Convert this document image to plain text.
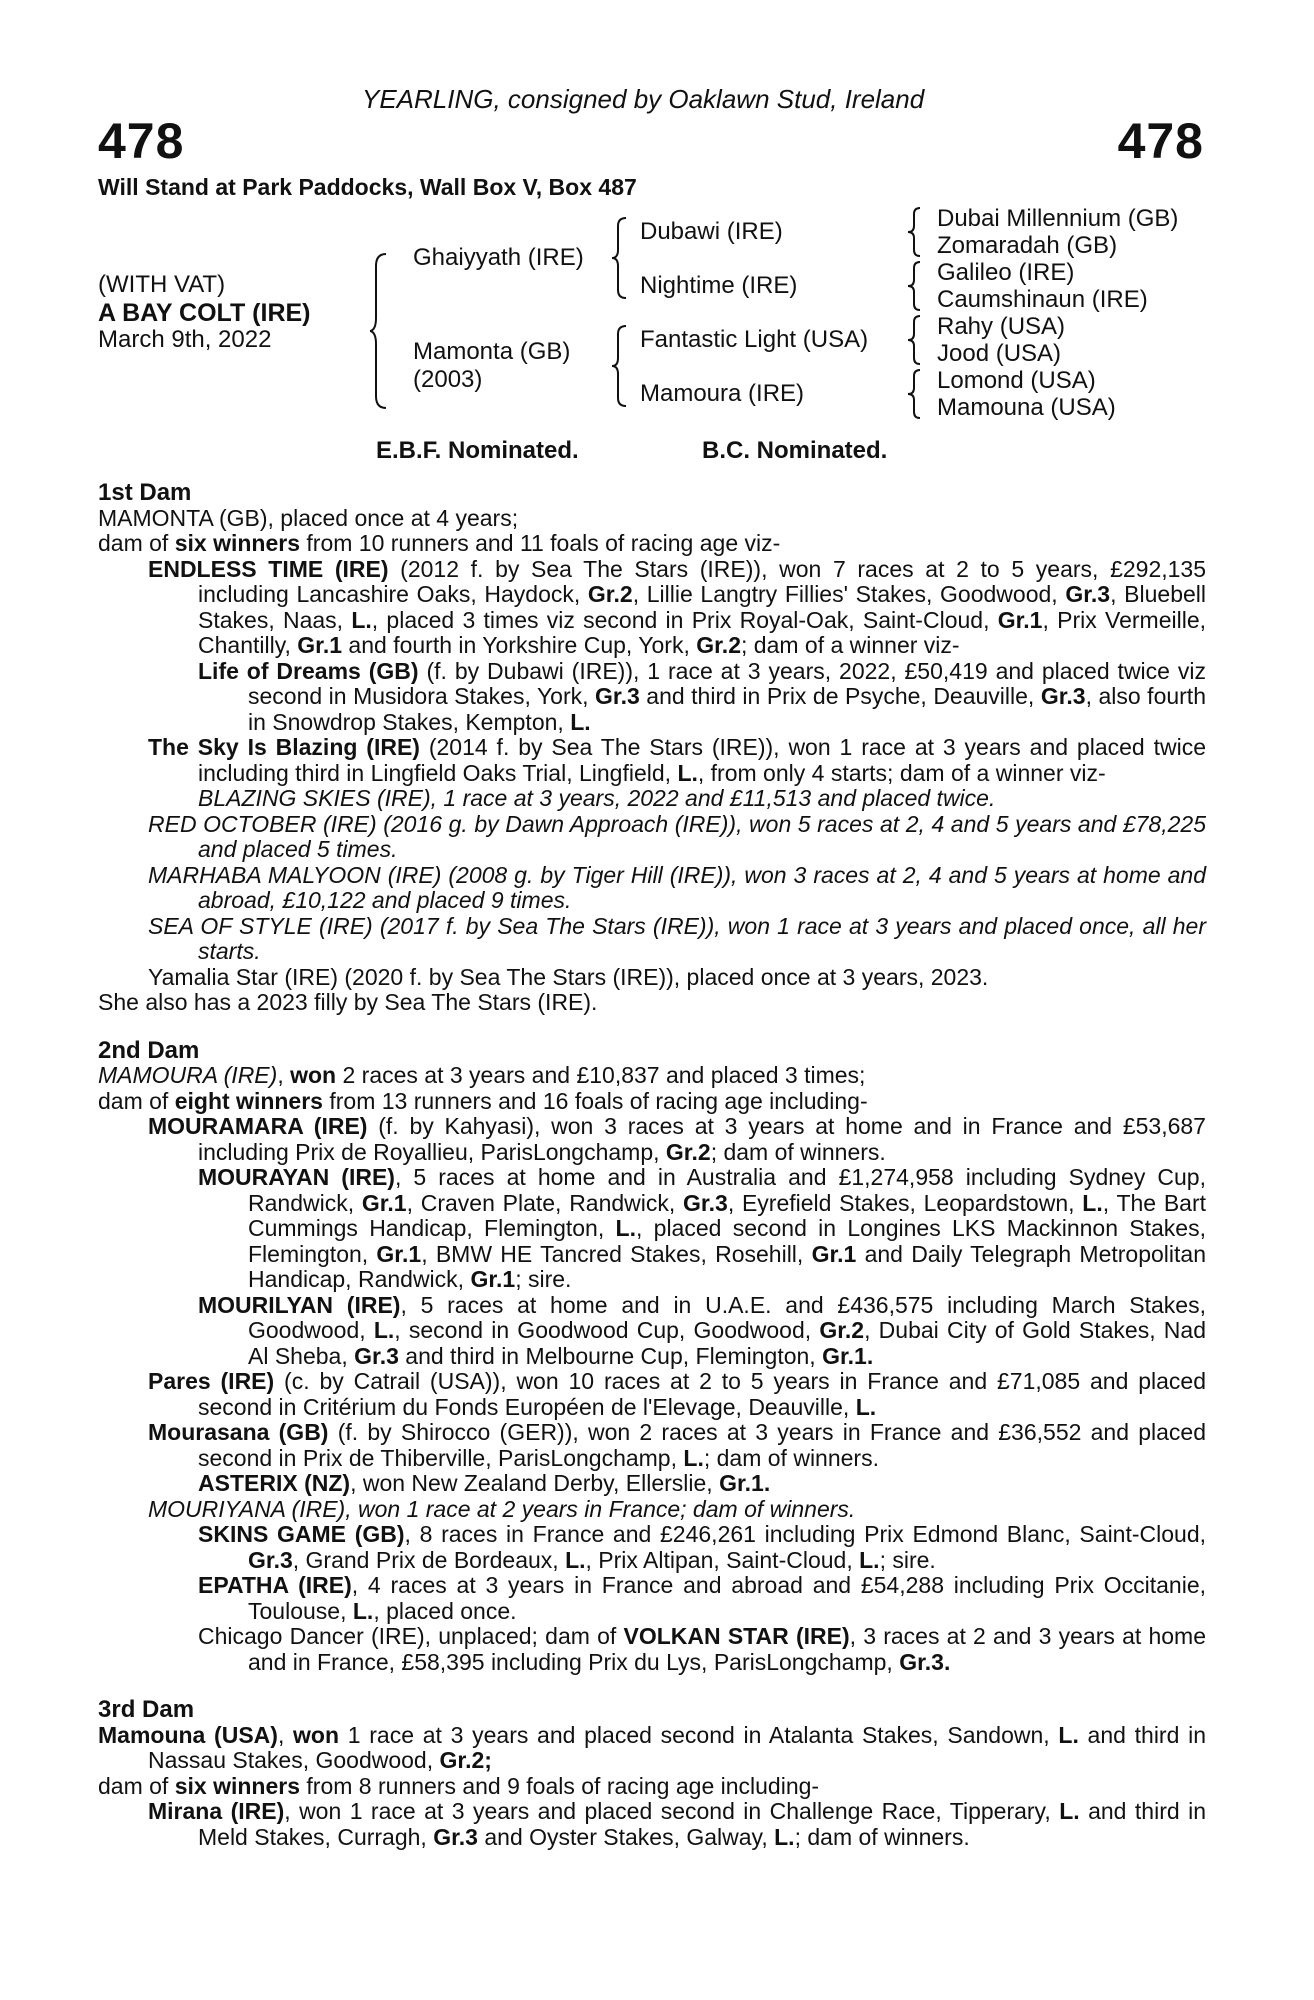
YEARLING, consigned by Oaklawn Stud, Ireland
478	478
Will Stand at Park Paddocks, Wall Box V, Box 487
(WITH VAT)
A BAY COLT (IRE)
March 9th, 2022
Ghaiyyath (IRE)
Mamonta (GB)
(2003)
Dubawi (IRE)
Nightime (IRE)
Fantastic Light (USA)
Mamoura (IRE)
Dubai Millennium (GB)
Zomaradah (GB)
Galileo (IRE)
Caumshinaun (IRE)
Rahy (USA)
Jood (USA)
Lomond (USA)
Mamouna (USA)
E.B.F. Nominated.	B.C. Nominated.
1st Dam
MAMONTA (GB), placed once at 4 years;
dam of six winners from 10 runners and 11 foals of racing age viz-
ENDLESS TIME (IRE) (2012 f. by Sea The Stars (IRE)), won 7 races at 2 to 5 years, £292,135 including Lancashire Oaks, Haydock, Gr.2, Lillie Langtry Fillies' Stakes, Goodwood, Gr.3, Bluebell Stakes, Naas, L., placed 3 times viz second in Prix Royal-Oak, Saint-Cloud, Gr.1, Prix Vermeille, Chantilly, Gr.1 and fourth in Yorkshire Cup, York, Gr.2; dam of a winner viz-
Life of Dreams (GB) (f. by Dubawi (IRE)), 1 race at 3 years, 2022, £50,419 and placed twice viz second in Musidora Stakes, York, Gr.3 and third in Prix de Psyche, Deauville, Gr.3, also fourth in Snowdrop Stakes, Kempton, L.
The Sky Is Blazing (IRE) (2014 f. by Sea The Stars (IRE)), won 1 race at 3 years and placed twice including third in Lingfield Oaks Trial, Lingfield, L., from only 4 starts; dam of a winner viz-
BLAZING SKIES (IRE), 1 race at 3 years, 2022 and £11,513 and placed twice.
RED OCTOBER (IRE) (2016 g. by Dawn Approach (IRE)), won 5 races at 2, 4 and 5 years and £78,225 and placed 5 times.
MARHABA MALYOON (IRE) (2008 g. by Tiger Hill (IRE)), won 3 races at 2, 4 and 5 years at home and abroad, £10,122 and placed 9 times.
SEA OF STYLE (IRE) (2017 f. by Sea The Stars (IRE)), won 1 race at 3 years and placed once, all her starts.
Yamalia Star (IRE) (2020 f. by Sea The Stars (IRE)), placed once at 3 years, 2023.
She also has a 2023 filly by Sea The Stars (IRE).
2nd Dam
MAMOURA (IRE), won 2 races at 3 years and £10,837 and placed 3 times;
dam of eight winners from 13 runners and 16 foals of racing age including-
MOURAMARA (IRE) (f. by Kahyasi), won 3 races at 3 years at home and in France and £53,687 including Prix de Royallieu, ParisLongchamp, Gr.2; dam of winners.
MOURAYAN (IRE), 5 races at home and in Australia and £1,274,958 including Sydney Cup, Randwick, Gr.1, Craven Plate, Randwick, Gr.3, Eyrefield Stakes, Leopardstown, L., The Bart Cummings Handicap, Flemington, L., placed second in Longines LKS Mackinnon Stakes, Flemington, Gr.1, BMW HE Tancred Stakes, Rosehill, Gr.1 and Daily Telegraph Metropolitan Handicap, Randwick, Gr.1; sire.
MOURILYAN (IRE), 5 races at home and in U.A.E. and £436,575 including March Stakes, Goodwood, L., second in Goodwood Cup, Goodwood, Gr.2, Dubai City of Gold Stakes, Nad Al Sheba, Gr.3 and third in Melbourne Cup, Flemington, Gr.1.
Pares (IRE) (c. by Catrail (USA)), won 10 races at 2 to 5 years in France and £71,085 and placed second in Critérium du Fonds Européen de l'Elevage, Deauville, L.
Mourasana (GB) (f. by Shirocco (GER)), won 2 races at 3 years in France and £36,552 and placed second in Prix de Thiberville, ParisLongchamp, L.; dam of winners.
ASTERIX (NZ), won New Zealand Derby, Ellerslie, Gr.1.
MOURIYANA (IRE), won 1 race at 2 years in France; dam of winners.
SKINS GAME (GB), 8 races in France and £246,261 including Prix Edmond Blanc, Saint-Cloud, Gr.3, Grand Prix de Bordeaux, L., Prix Altipan, Saint-Cloud, L.; sire.
EPATHA (IRE), 4 races at 3 years in France and abroad and £54,288 including Prix Occitanie, Toulouse, L., placed once.
Chicago Dancer (IRE), unplaced; dam of VOLKAN STAR (IRE), 3 races at 2 and 3 years at home and in France, £58,395 including Prix du Lys, ParisLongchamp, Gr.3.
3rd Dam
Mamouna (USA), won 1 race at 3 years and placed second in Atalanta Stakes, Sandown, L. and third in Nassau Stakes, Goodwood, Gr.2;
dam of six winners from 8 runners and 9 foals of racing age including-
Mirana (IRE), won 1 race at 3 years and placed second in Challenge Race, Tipperary, L. and third in Meld Stakes, Curragh, Gr.3 and Oyster Stakes, Galway, L.; dam of winners.
